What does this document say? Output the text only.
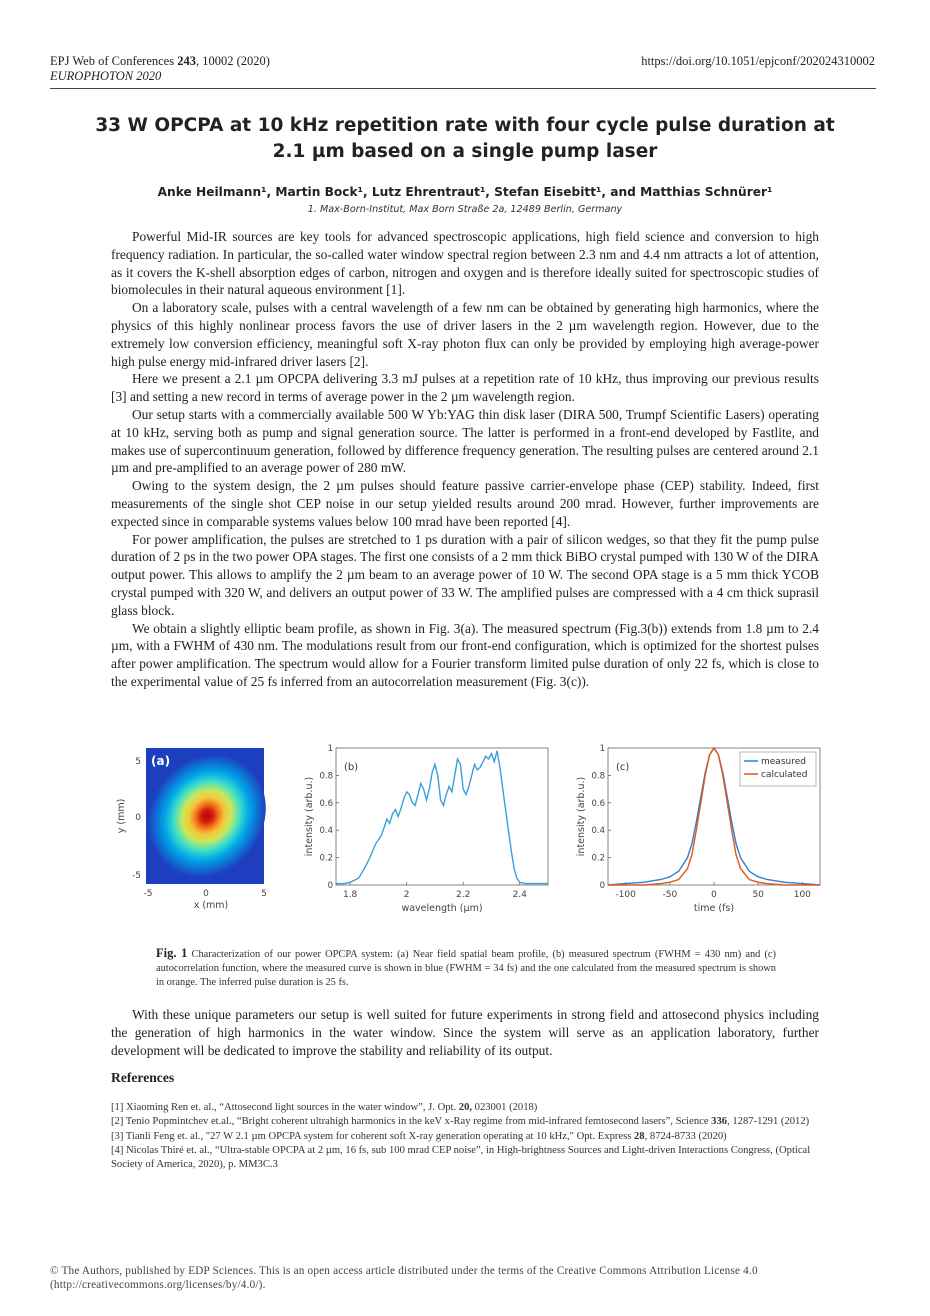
EPJ Web of Conferences 243, 10002 (2020)
EUROPHOTON 2020
https://doi.org/10.1051/epjconf/202024310002
33 W OPCPA at 10 kHz repetition rate with four cycle pulse duration at
2.1 µm based on a single pump laser
Anke Heilmann¹, Martin Bock¹, Lutz Ehrentraut¹, Stefan Eisebitt¹, and Matthias Schnürer¹
1. Max-Born-Institut, Max Born Straße 2a, 12489 Berlin, Germany

Powerful Mid-IR sources are key tools for advanced spectroscopic applications, high field science and conversion to high frequency radiation. In particular, the so-called water window spectral region between 2.3 nm and 4.4 nm attracts a lot of attention, as it covers the K-shell absorption edges of carbon, nitrogen and oxygen and is therefore ideally suited for spectroscopic studies of biomolecules in their natural aqueous environment [1].

On a laboratory scale, pulses with a central wavelength of a few nm can be obtained by generating high harmonics, where the physics of this highly nonlinear process favors the use of driver lasers in the 2 µm wavelength region. However, due to the extremely low conversion efficiency, meaningful soft X-ray photon flux can only be provided by employing high average-power high pulse energy mid-infrared driver lasers [2].

Here we present a 2.1 µm OPCPA delivering 3.3 mJ pulses at a repetition rate of 10 kHz, thus improving our previous results [3] and setting a new record in terms of average power in the 2 µm wavelength region.

Our setup starts with a commercially available 500 W Yb:YAG thin disk laser (DIRA 500, Trumpf Scientific Lasers) operating at 10 kHz, serving both as pump and signal generation source. The latter is performed in a front-end developed by Fastlite, and makes use of supercontinuum generation, followed by difference frequency generation. The resulting pulses are centered around 2.1 µm and pre-amplified to an average power of 280 mW.

Owing to the system design, the 2 µm pulses should feature passive carrier-envelope phase (CEP) stability. Indeed, first measurements of the single shot CEP noise in our setup yielded results around 200 mrad. However, further improvements are expected since in comparable systems values below 100 mrad have been reported [4].

For power amplification, the pulses are stretched to 1 ps duration with a pair of silicon wedges, so that they fit the pump pulse duration of 2 ps in the two power OPA stages. The first one consists of a 2 mm thick BiBO crystal pumped with 130 W of the DIRA output power. This allows to amplify the 2 µm beam to an average power of 10 W. The second OPA stage is a 5 mm thick YCOB crystal pumped with 320 W, and delivers an output power of 33 W. The amplified pulses are compressed with a 4 cm thick suprasil glass block.

We obtain a slightly elliptic beam profile, as shown in Fig. 3(a). The measured spectrum (Fig.3(b)) extends from 1.8 µm to 2.4 µm, with a FWHM of 430 nm. The modulations result from our front-end configuration, which is optimized for the shortest pulses after power amplification. The spectrum would allow for a Fourier transform limited pulse duration of only 22 fs, which is close to the experimental value of 25 fs inferred from an autocorrelation measurement (Fig. 3(c)).

(a)
5
0
-5
-5	0	5
x (mm)
y (mm)
0
0.2
0.4
0.6
0.8
1
1.8	2	2.2	2.4
wavelength (µm)
intensity (arb.u.)
(b)
0
0.2
0.4
0.6
0.8
1
-100	-50	0	50	100
time (fs)
intensity (arb.u.)
(c)	measured
calculated
Fig. 1 Characterization of our power OPCPA system: (a) Near field spatial beam profile, (b) measured spectrum (FWHM = 430 nm) and (c) autocorrelation function, where the measured curve is shown in blue (FWHM = 34 fs) and the one calculated from the measured spectrum is shown in orange. The inferred pulse duration is 25 fs.

With these unique parameters our setup is well suited for future experiments in strong field and attosecond physics including the generation of high harmonics in the water window. Since the system will serve as an application laboratory, further development will be dedicated to improve the stability and reliability of its output.

References
[1] Xiaoming Ren et. al., “Attosecond light sources in the water window”, J. Opt. 20, 023001 (2018)
[2] Tenio Popmintchev et.al., “Bright coherent ultrahigh harmonics in the keV x-Ray regime from mid-infrared femtosecond lasers”, Science 336, 1287-1291 (2012)
[3] Tianli Feng et. al., "27 W 2.1 µm OPCPA system for coherent soft X-ray generation operating at 10 kHz," Opt. Express 28, 8724-8733 (2020)
[4] Nicolas Thiré et. al., “Ultra-stable OPCPA at 2 µm, 16 fs, sub 100 mrad CEP noise”, in High-brightness Sources and Light-driven Interactions Congress, (Optical Society of America, 2020), p. MM3C.3
© The Authors, published by EDP Sciences. This is an open access article distributed under the terms of the Creative Commons Attribution License 4.0 (http://creativecommons.org/licenses/by/4.0/).
